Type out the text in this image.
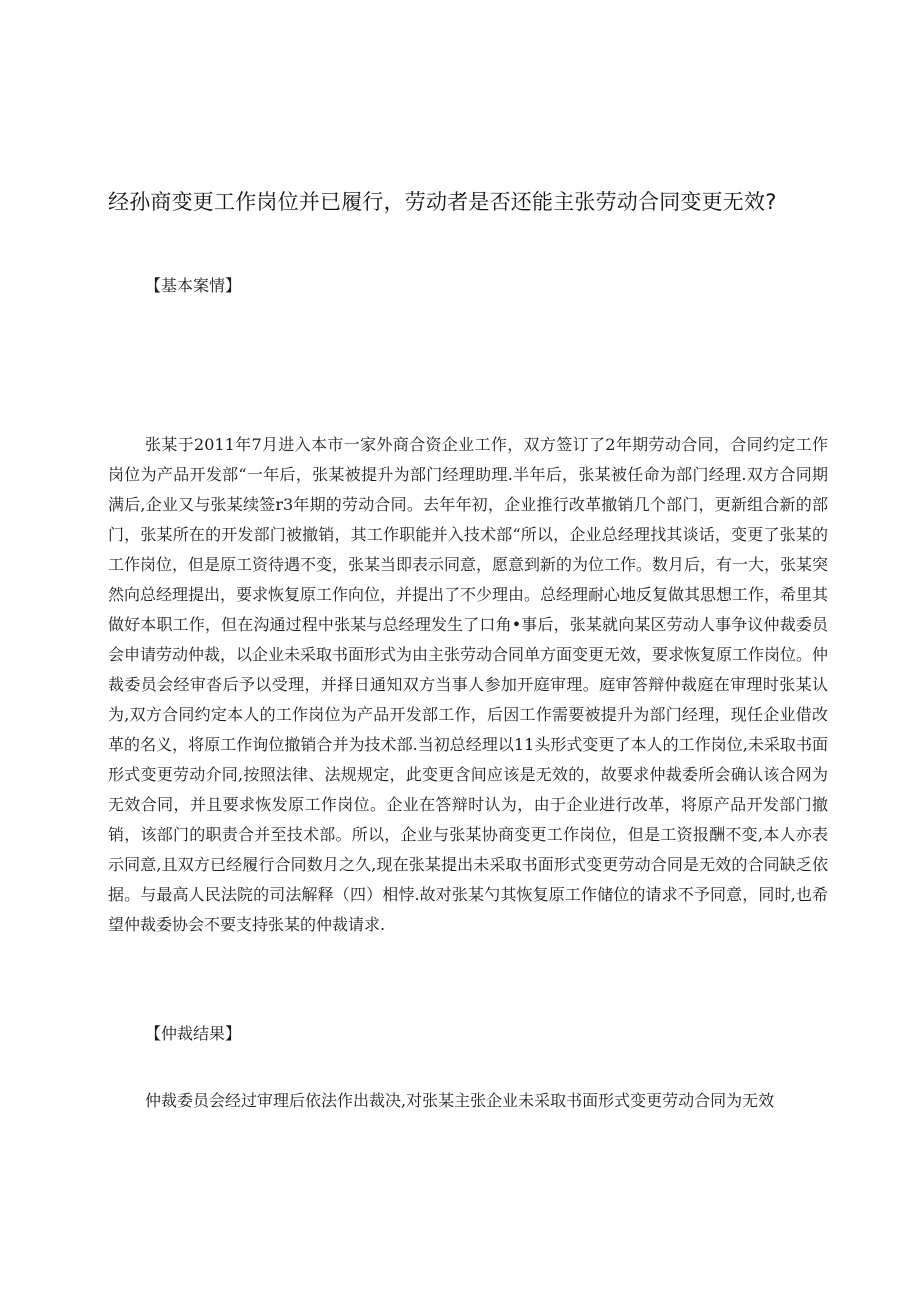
经孙商变更工作岗位并已履行，劳动者是否还能主张劳动合同变更无效?
【基本案情】

张某于2011年7月进入本市一家外商合资企业工作，双方签订了2年期劳动合同，合同约定工作岗位为产品开发部“一年后，张某被提升为部门经理助理.半年后，张某被任命为部门经理.双方合同期满后,企业又与张某续签r3年期的劳动合同。去年年初，企业推行改革撤销几个部门，更新组合新的部门，张某所在的开发部门被撤销，其工作职能并入技术部“所以，企业总经理找其谈话，变更了张某的工作岗位，但是原工资待遇不变，张某当即表示同意，愿意到新的为位工作。数月后，有一大，张某突然向总经理提出，要求恢复原工作向位，并提出了不少理由。总经理耐心地反复做其思想工作，希里其做好本职工作，但在沟通过程中张某与总经理发生了口角•事后，张某就向某区劳动人事争议仲裁委员会申请劳动仲裁，以企业未采取书面形式为由主张劳动合同单方面变更无效，要求恢复原工作岗位。仲裁委员会经审沓后予以受理，并择日通知双方当事人参加开庭审理。庭审答辩仲裁庭在审理时张某认为,双方合同约定本人的工作岗位为产品开发部工作，后因工作需要被提升为部门经理，现任企业借改革的名义，将原工作询位撤销合并为技术部.当初总经理以11头形式变更了本人的工作岗位,未采取书面形式变更劳动介同,按照法律、法规规定，此变更含间应该是无效的，故要求仲裁委所会确认该合网为无效合同，并且要求恢发原工作岗位。企业在答辩时认为，由于企业进行改革，将原产品开发部门撤销，该部门的职责合并至技术部。所以，企业与张某协商变更工作岗位，但是工资报酬不变,本人亦表示同意,且双方已经履行合同数月之久,现在张某提出未采取书面形式变更劳动合同是无效的合同缺乏依据。与最高人民法院的司法解释（四）相悖.故对张某勺其恢复原工作储位的请求不予同意，同时,也希望仲裁委协会不要支持张某的仲裁请求.

【仲裁结果】

仲裁委员会经过审理后依法作出裁决,对张某主张企业未采取书面形式变更劳动合同为无效
